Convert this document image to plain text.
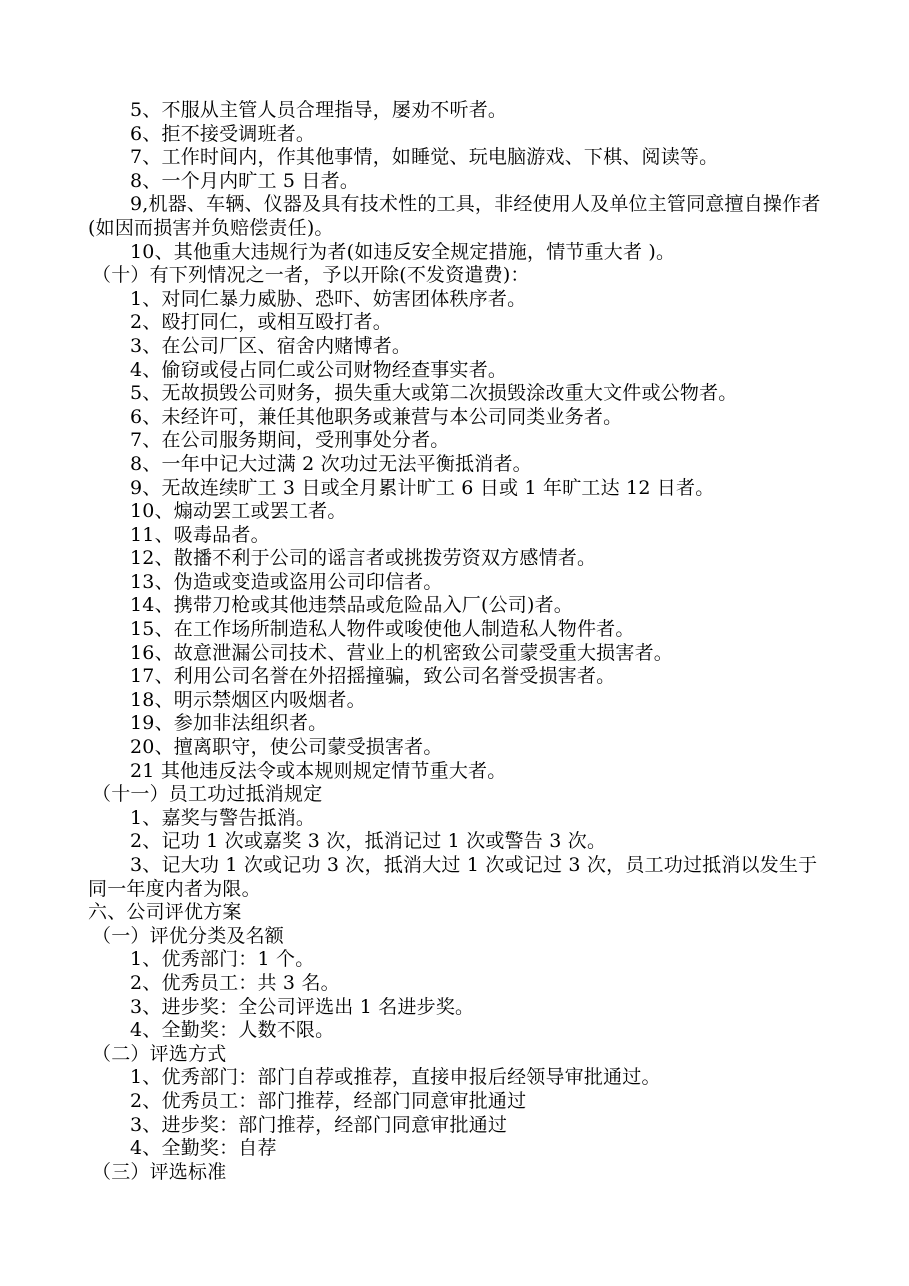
5、不服从主管人员合理指导，屡劝不听者。
6、拒不接受调班者。
7、工作时间内，作其他事情，如睡觉、玩电脑游戏、下棋、阅读等。
8、一个月内旷工 5 日者。
9,机器、车辆、仪器及具有技术性的工具，非经使用人及单位主管同意擅自操作者(如因而损害并负赔偿责任)。
10、其他重大违规行为者(如违反安全规定措施，情节重大者 )。
（十）有下列情况之一者，予以开除(不发资遣费)：
1、对同仁暴力威胁、恐吓、妨害团体秩序者。
2、殴打同仁，或相互殴打者。
3、在公司厂区、宿舍内赌博者。
4、偷窃或侵占同仁或公司财物经查事实者。
5、无故损毁公司财务，损失重大或第二次损毁涂改重大文件或公物者。
6、未经许可，兼任其他职务或兼营与本公司同类业务者。
7、在公司服务期间，受刑事处分者。
8、一年中记大过满 2 次功过无法平衡抵消者。
9、无故连续旷工 3 日或全月累计旷工 6 日或 1 年旷工达 12 日者。
10、煽动罢工或罢工者。
11、吸毒品者。
12、散播不利于公司的谣言者或挑拨劳资双方感情者。
13、伪造或变造或盗用公司印信者。
14、携带刀枪或其他违禁品或危险品入厂(公司)者。
15、在工作场所制造私人物件或唆使他人制造私人物件者。
16、故意泄漏公司技术、营业上的机密致公司蒙受重大损害者。
17、利用公司名誉在外招摇撞骗，致公司名誉受损害者。
18、明示禁烟区内吸烟者。
19、参加非法组织者。
20、擅离职守，使公司蒙受损害者。
21 其他违反法令或本规则规定情节重大者。
（十一）员工功过抵消规定
1、嘉奖与警告抵消。
2、记功 1 次或嘉奖 3 次，抵消记过 1 次或警告 3 次。
3、记大功 1 次或记功 3 次，抵消大过 1 次或记过 3 次，员工功过抵消以发生于同一年度内者为限。
六、公司评优方案
（一）评优分类及名额
1、优秀部门：1 个。
2、优秀员工：共 3 名。
3、进步奖：全公司评选出 1 名进步奖。
4、全勤奖：人数不限。
（二）评选方式
1、优秀部门：部门自荐或推荐，直接申报后经领导审批通过。
2、优秀员工：部门推荐，经部门同意审批通过
3、进步奖：部门推荐，经部门同意审批通过
4、全勤奖：自荐
（三）评选标准
